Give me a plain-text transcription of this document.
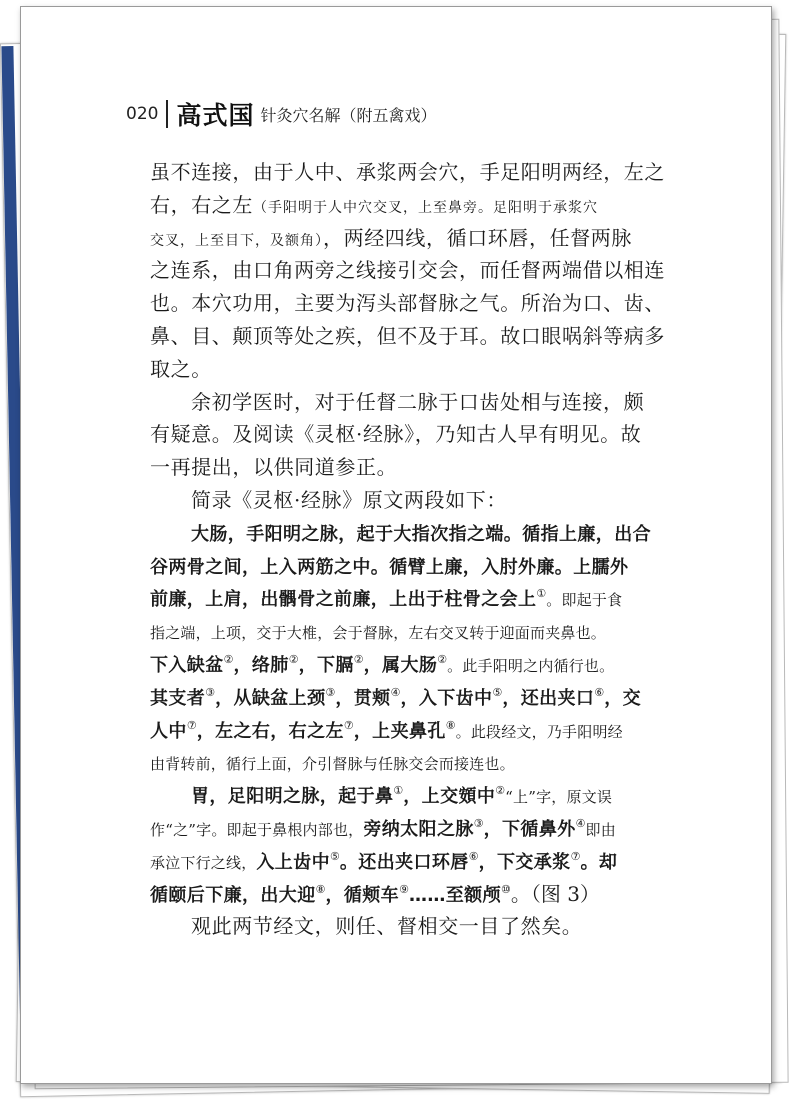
020 高式国 针灸穴名解（附五禽戏）
虽不连接，由于人中、承浆两会穴，手足阳明两经，左之
右，右之左（手阳明于人中穴交叉，上至鼻旁。足阳明于承浆穴
交叉，上至目下，及额角），两经四线，循口环唇，任督两脉
之连系，由口角两旁之线接引交会，而任督两端借以相连
也。本穴功用，主要为泻头部督脉之气。所治为口、齿、
鼻、目、颠顶等处之疾，但不及于耳。故口眼㖞斜等病多
取之。
余初学医时，对于任督二脉于口齿处相与连接，颇
有疑意。及阅读《灵枢·经脉》，乃知古人早有明见。故
一再提出，以供同道参正。
简录《灵枢·经脉》原文两段如下：
大肠，手阳明之脉，起于大指次指之端。循指上廉，出合
谷两骨之间，上入两筋之中。循臂上廉，入肘外廉。上臑外
前廉，上肩，出髃骨之前廉，上出于柱骨之会上①。即起于食
指之端，上项，交于大椎，会于督脉，左右交叉转于迎面而夹鼻也。
下入缺盆②，络肺②，下膈②，属大肠②。此手阳明之内循行也。
其支者③，从缺盆上颈③，贯颊④，入下齿中⑤，还出夹口⑥，交
人中⑦，左之右，右之左⑦，上夹鼻孔⑧。此段经文，乃手阳明经
由背转前，循行上面，介引督脉与任脉交会而接连也。
胃，足阳明之脉，起于鼻①，上交頞中②“上”字，原文误
作“之”字。即起于鼻根内部也，旁纳太阳之脉③，下循鼻外④即由
承泣下行之线，入上齿中⑤。还出夹口环唇⑥，下交承浆⑦。却
循颐后下廉，出大迎⑧，循颊车⑨……至额颅⑩。（图 3）
观此两节经文，则任、督相交一目了然矣。
